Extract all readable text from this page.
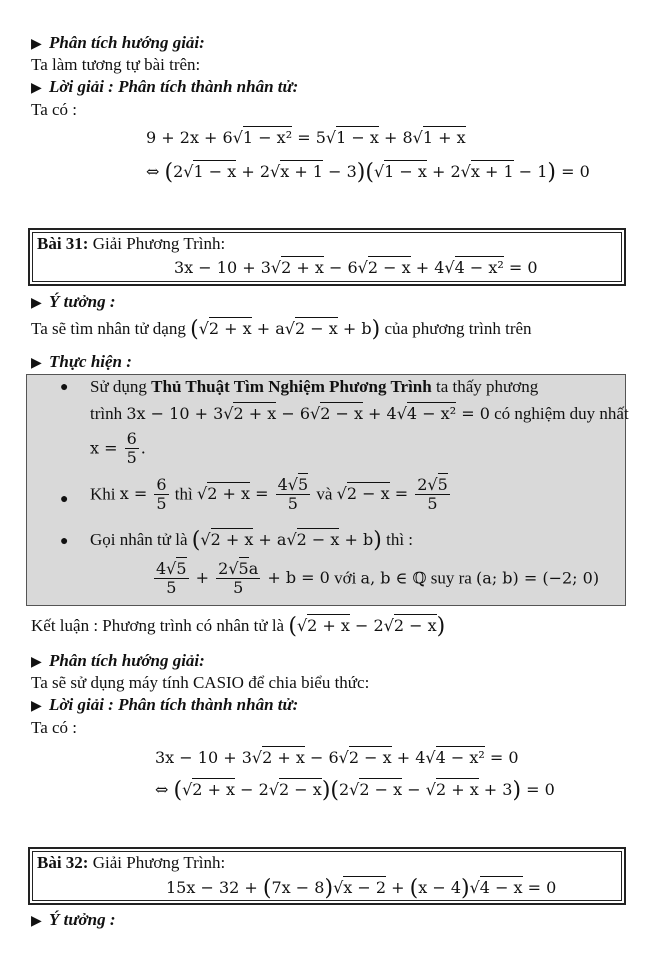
▶ Phân tích hướng giải:
Ta làm tương tự bài trên:
▶ Lời giải : Phân tích thành nhân tử:
Ta có :
9 + 2x + 6√1 − x² = 5√1 − x + 8√1 + x
⇔ (2√1 − x + 2√x + 1 − 3)(√1 − x + 2√x + 1 − 1) = 0
Bài 31: Giải Phương Trình:
3x − 10 + 3√2 + x − 6√2 − x + 4√4 − x² = 0
▶ Ý tưởng :
Ta sẽ tìm nhân tử dạng (√2 + x + a√2 − x + b) của phương trình trên
▶ Thực hiện :
● Sử dụng Thủ Thuật Tìm Nghiệm Phương Trình ta thấy phương
trình 3x − 10 + 3√2 + x − 6√2 − x + 4√4 − x² = 0 có nghiệm duy nhất
$x = \frac{6}{5}$ .
● Khi $x = \frac{6}{5}$ thì $√2 + x = \frac{4√5}{5}$ và $√2 - x = \frac{2√5}{5}$
● Gọi nhân tử là (√2 + x + a√2 − x + b) thì :
$\frac{4√5}{5} + \frac{2√5a}{5} + b = 0$ với a, b ∈ ℚ suy ra (a; b) = (−2; 0)
Kết luận : Phương trình có nhân tử là (√2 + x − 2√2 − x)
▶ Phân tích hướng giải:
Ta sẽ sử dụng máy tính CASIO để chia biểu thức:
▶ Lời giải : Phân tích thành nhân tử:
Ta có :
3x − 10 + 3√2 + x − 6√2 − x + 4√4 − x² = 0
⇔ (√2 + x − 2√2 − x)(2√2 − x − √2 + x + 3) = 0
Bài 32: Giải Phương Trình:
15x − 32 + (7x − 8)√x − 2 + (x − 4)√4 − x = 0
▶ Ý tưởng :
